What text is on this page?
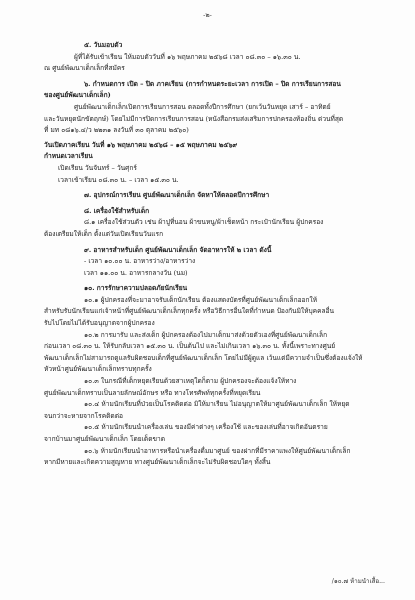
-๒-
๕. วันมอบตัว
ผู้ที่ได้รับเข้าเรียน ให้มอบตัววันที่ ๑๖ พฤษภาคม ๒๕๖๘ เวลา ๐๘.๓๐ – ๑๖.๓๐ น.
ณ ศูนย์พัฒนาเด็กเล็กที่สมัคร
๖. กำหนดการ เปิด – ปิด ภาคเรียน (การกำหนดระยะเวลา การเปิด – ปิด การเรียนการสอน
ของศูนย์พัฒนาเด็กเล็ก)
ศูนย์พัฒนาเด็กเล็กเปิดการเรียนการสอน ตลอดทั้งปีการศึกษา (ยกเว้นวันหยุด เสาร์ – อาทิตย์
และวันหยุดนักขัตฤกษ์) โดยไม่มีการปิดการเรียนการสอน (หนังสือกรมส่งเสริมการปกครองท้องถิ่น ด่วนที่สุด
ที่ มท ๐๘๑๖.๔/ว ๒๒๓๑ ลงวันที่ ๓๐ ตุลาคม ๒๕๖๐)
วันเปิดภาคเรียน วันที่ ๑๖ พฤษภาคม ๒๕๖๘ – ๑๕ พฤษภาคม ๒๕๖๙
กำหนดเวลาเรียน
เปิดเรียน วันจันทร์ – วันศุกร์
เวลาเข้าเรียน ๐๘.๓๐ น. – เวลา ๑๕.๓๐ น.
๗. อุปกรณ์การเรียน ศูนย์พัฒนาเด็กเล็ก จัดหาให้ตลอดปีการศึกษา
๘. เครื่องใช้สำหรับเด็ก
๘.๑ เครื่องใช้ส่วนตัว เช่น ผ้าปูที่นอน ผ้าขนหนู/ผ้าเช็ดหน้า กระเป๋านักเรียน ผู้ปกครอง
ต้องเตรียมให้เด็ก ตั้งแต่วันเปิดเรียนวันแรก
๙. อาหารสำหรับเด็ก ศูนย์พัฒนาเด็กเล็ก จัดอาหารให้ ๒ เวลา ดังนี้
- เวลา ๑๐.๐๐ น. อาหารว่าง/อาหารว่าง
เวลา ๑๑.๐๐ น. อาหารกลางวัน (นม)
๑๐. การรักษาความปลอดภัยนักเรียน
๑๐.๑ ผู้ปกครองที่จะมาอาจรับเด็กนักเรียน ต้องแสดงบัตรที่ศูนย์พัฒนาเด็กเล็กออกให้
สำหรับรับนักเรียนแก่เจ้าหน้าที่ศูนย์พัฒนาเด็กเล็กทุกครั้ง หรือวิธีการอื่นใดที่กำหนด ป้องกันมิให้บุคคลอื่น
รับไปโดยไม่ได้รับอนุญาตจากผู้ปกครอง
๑๐.๒ การมารับ และส่งเด็ก ผู้ปกครองต้องไปมาเด็กมาส่งด้วยตัวเองที่ศูนย์พัฒนาเด็กเล็ก
ก่อนเวลา ๐๘.๓๐ น. ให้รับกลับเวลา ๑๕.๓๐ น. เป็นต้นไป และไม่เกินเวลา ๑๖.๓๐ น. ทั้งนี้เพราะทางศูนย์
พัฒนาเด็กเล็กไม่สามารถดูแลรับผิดชอบเด็กที่ศูนย์พัฒนาเด็กเล็ก โดยไม่มีผู้ดูแล เว้นแต่มีความจำเป็นซึ่งต้องแจ้งให้
หัวหน้าศูนย์พัฒนาเด็กเล็กทราบทุกครั้ง
๑๐.๓ ในกรณีที่เด็กหยุดเรียนด้วยสาเหตุใดก็ตาม ผู้ปกครองจะต้องแจ้งให้ทาง
ศูนย์พัฒนาเด็กทราบเป็นลายลักษณ์อักษร หรือ ทางโทรศัพท์ทุกครั้งที่หยุดเรียน
๑๐.๔ ห้ามนักเรียนที่ป่วยเป็นโรคติดต่อ มิให้มาเรียน ไม่อนุญาตให้มาศูนย์พัฒนาเด็กเล็ก ให้หยุด
จนกว่าจะหายจากโรคติดต่อ
๑๐.๕ ห้ามนักเรียนนำเครื่องเล่น ของมีค่าต่างๆ เครื่องใช้ และของเล่นที่อาจเกิดอันตราย
จากบ้านมาศูนย์พัฒนาเด็กเล็ก โดยเด็ดขาด
๑๐.๖ ห้ามนักเรียนนำอาหารหรือนำเครื่องดื่มมาศูนย์ ของฝากที่มีราคาแพงให้ศูนย์พัฒนาเด็กเล็ก
หากมีหายและเกิดความสูญหาย ทางศูนย์พัฒนาเด็กเล็กจะไม่รับผิดชอบใดๆ ทั้งสิ้น
/๑๐.๗ ห้ามนำเสื้อ...
